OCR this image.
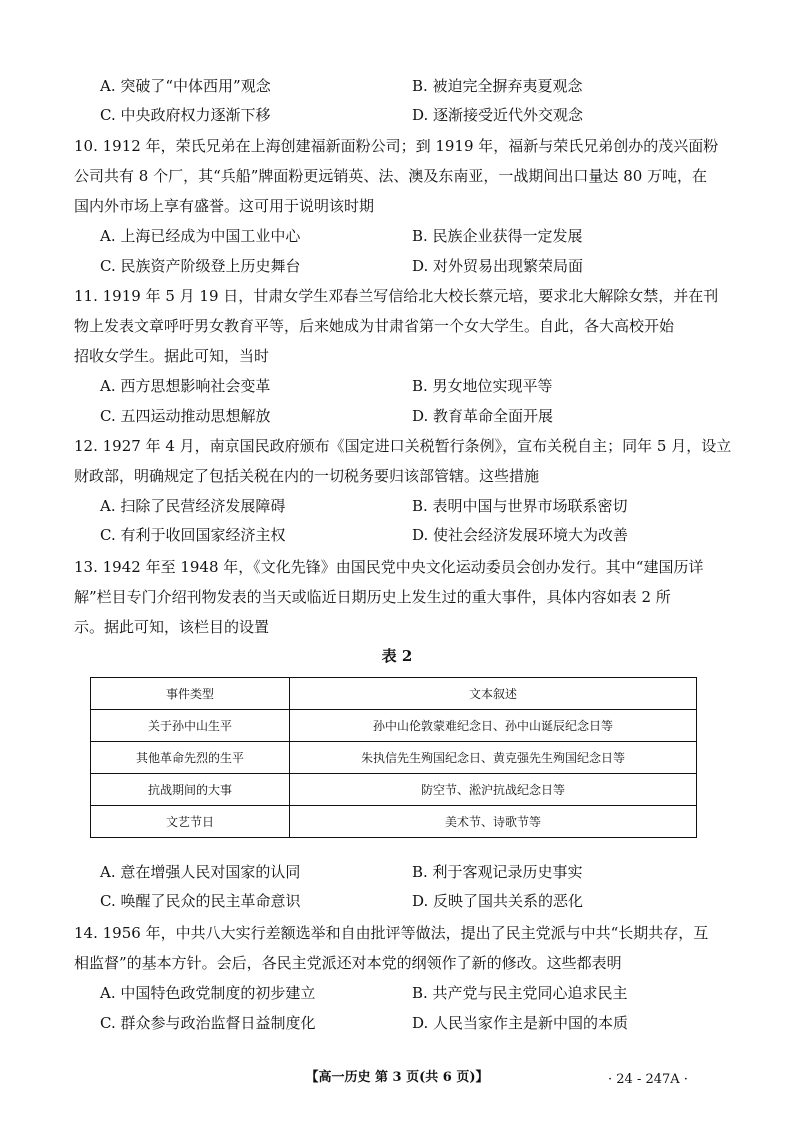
A. 突破了“中体西用”观念	B. 被迫完全摒弃夷夏观念
C. 中央政府权力逐渐下移	D. 逐渐接受近代外交观念
10. 1912 年，荣氏兄弟在上海创建福新面粉公司；到 1919 年，福新与荣氏兄弟创办的茂兴面粉
公司共有 8 个厂，其“兵船”牌面粉更远销英、法、澳及东南亚，一战期间出口量达 80 万吨，在
国内外市场上享有盛誉。这可用于说明该时期
A. 上海已经成为中国工业中心	B. 民族企业获得一定发展
C. 民族资产阶级登上历史舞台	D. 对外贸易出现繁荣局面
11. 1919 年 5 月 19 日，甘肃女学生邓春兰写信给北大校长蔡元培，要求北大解除女禁，并在刊
物上发表文章呼吁男女教育平等，后来她成为甘肃省第一个女大学生。自此，各大高校开始
招收女学生。据此可知，当时
A. 西方思想影响社会变革	B. 男女地位实现平等
C. 五四运动推动思想解放	D. 教育革命全面开展
12. 1927 年 4 月，南京国民政府颁布《国定进口关税暂行条例》，宣布关税自主；同年 5 月，设立
财政部，明确规定了包括关税在内的一切税务要归该部管辖。这些措施
A. 扫除了民营经济发展障碍	B. 表明中国与世界市场联系密切
C. 有利于收回国家经济主权	D. 使社会经济发展环境大为改善
13. 1942 年至 1948 年，《文化先锋》由国民党中央文化运动委员会创办发行。其中“建国历详
解”栏目专门介绍刊物发表的当天或临近日期历史上发生过的重大事件，具体内容如表 2 所
示。据此可知，该栏目的设置
表 2
事件类型	文本叙述
关于孙中山生平	孙中山伦敦蒙难纪念日、孙中山诞辰纪念日等
其他革命先烈的生平	朱执信先生殉国纪念日、黄克强先生殉国纪念日等
抗战期间的大事	防空节、淞沪抗战纪念日等
文艺节日	美术节、诗歌节等
A. 意在增强人民对国家的认同	B. 利于客观记录历史事实
C. 唤醒了民众的民主革命意识	D. 反映了国共关系的恶化
14. 1956 年，中共八大实行差额选举和自由批评等做法，提出了民主党派与中共“长期共存，互
相监督”的基本方针。会后，各民主党派还对本党的纲领作了新的修改。这些都表明
A. 中国特色政党制度的初步建立	B. 共产党与民主党同心追求民主
C. 群众参与政治监督日益制度化	D. 人民当家作主是新中国的本质
【高一历史 第 3 页(共 6 页)】	· 24 - 247A ·
